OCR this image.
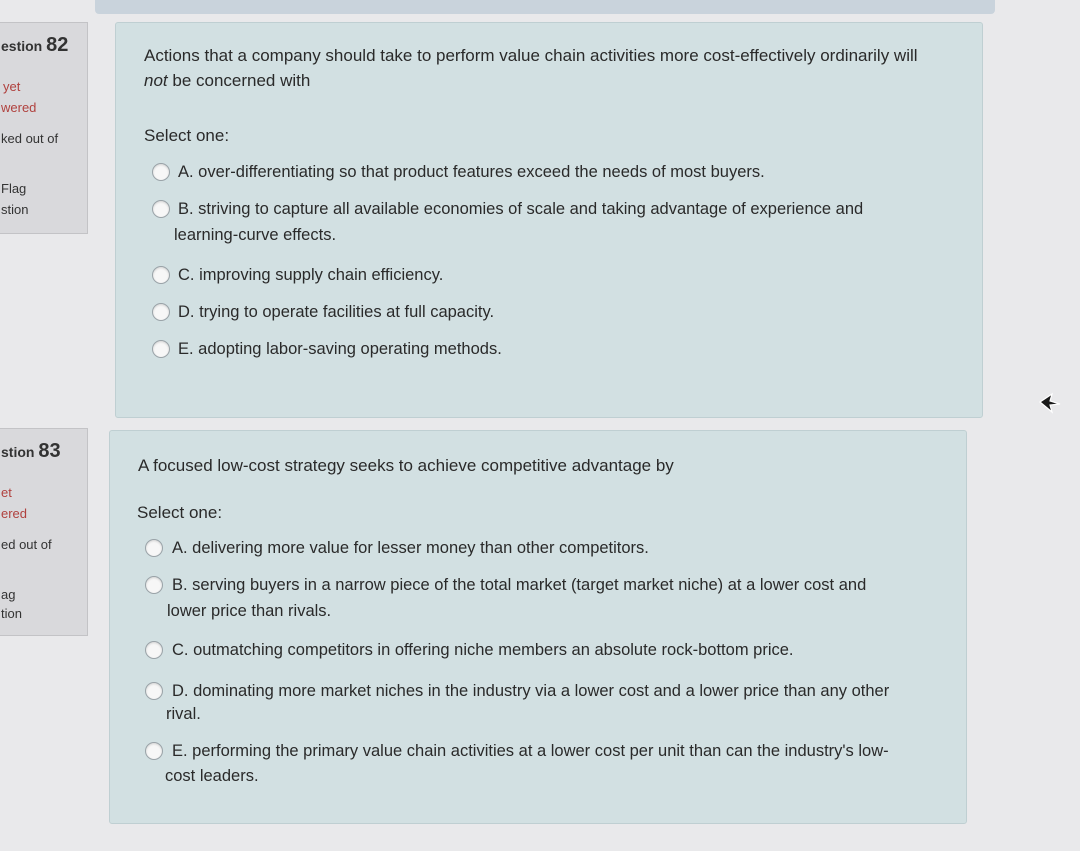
estion 82
yet
wered
ked out of
Flag
stion
Actions that a company should take to perform value chain activities more cost-effectively ordinarily will
not be concerned with
Select one:
A. over-differentiating so that product features exceed the needs of most buyers.
B. striving to capture all available economies of scale and taking advantage of experience and
learning-curve effects.
C. improving supply chain efficiency.
D. trying to operate facilities at full capacity.
E. adopting labor-saving operating methods.
stion 83
et
ered
ed out of
ag
tion
A focused low-cost strategy seeks to achieve competitive advantage by
Select one:
A. delivering more value for lesser money than other competitors.
B. serving buyers in a narrow piece of the total market (target market niche) at a lower cost and
lower price than rivals.
C. outmatching competitors in offering niche members an absolute rock-bottom price.
D. dominating more market niches in the industry via a lower cost and a lower price than any other
rival.
E. performing the primary value chain activities at a lower cost per unit than can the industry's low-
cost leaders.
